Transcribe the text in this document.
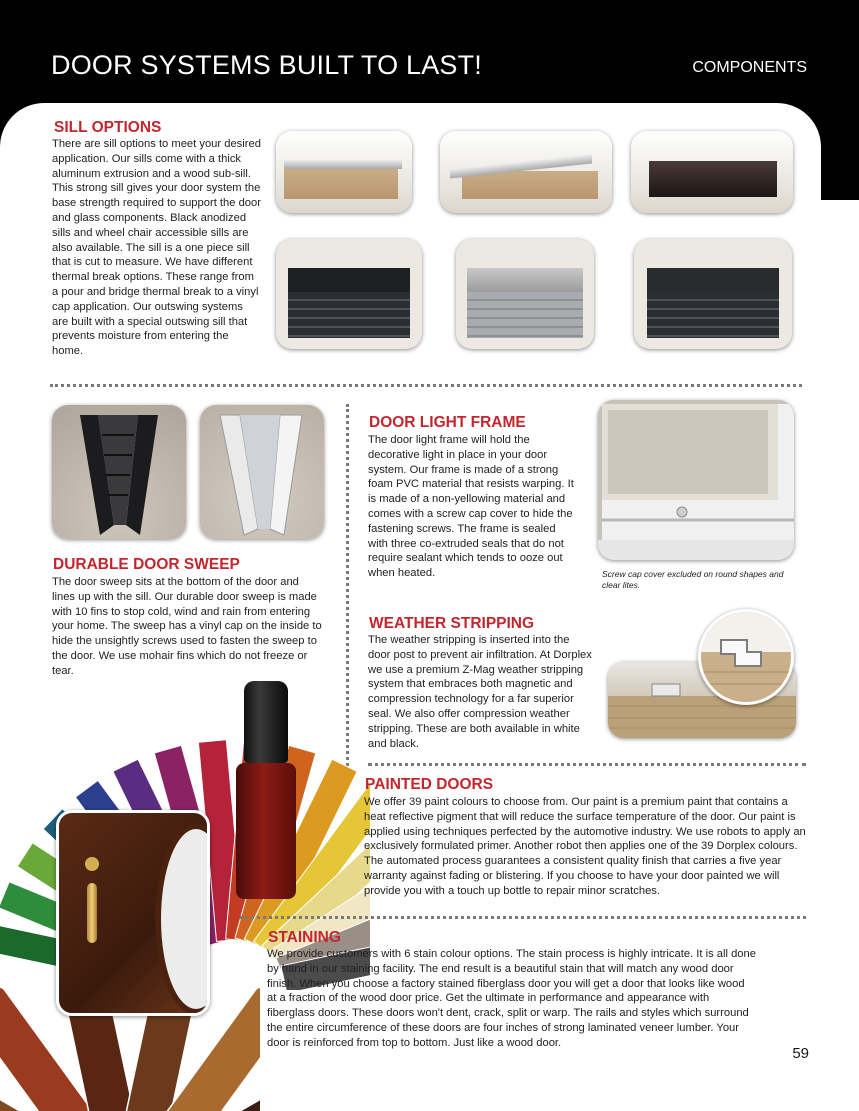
DOOR SYSTEMS BUILT TO LAST!	COMPONENTS
SILL OPTIONS
There are sill options to meet your desired application. Our sills come with a thick aluminum extrusion and a wood sub-sill. This strong sill gives your door system the base strength required to support the door and glass components. Black anodized sills and wheel chair accessible sills are also available. The sill is a one piece sill that is cut to measure. We have different thermal break options. These range from a pour and bridge thermal break to a vinyl cap application. Our outswing systems are built with a special outswing sill that prevents moisture from entering the home.
DURABLE DOOR SWEEP
The door sweep sits at the bottom of the door and lines up with the sill. Our durable door sweep is made with 10 fins to stop cold, wind and rain from entering your home. The sweep has a vinyl cap on the inside to hide the unsightly screws used to fasten the sweep to the door. We use mohair fins which do not freeze or tear.
DOOR LIGHT FRAME
The door light frame will hold the decorative light in place in your door system. Our frame is made of a strong foam PVC material that resists warping. It is made of a non-yellowing material and comes with a screw cap cover to hide the fastening screws. The frame is sealed with three co-extruded seals that do not require sealant which tends to ooze out when heated.	Screw cap cover excluded on round shapes and clear lites.
WEATHER STRIPPING
The weather stripping is inserted into the door post to prevent air infiltration. At Dorplex we use a premium Z-Mag weather stripping system that embraces both magnetic and compression technology for a far superior seal. We also offer compression weather stripping. These are both available in white and black.
PAINTED DOORS
We offer 39 paint colours to choose from. Our paint is a premium paint that contains a heat reflective pigment that will reduce the surface temperature of the door. Our paint is applied using techniques perfected by the automotive industry. We use robots to apply an exclusively formulated primer. Another robot then applies one of the 39 Dorplex colours. The automated process guarantees a consistent quality finish that carries a five year warranty against fading or blistering. If you choose to have your door painted we will provide you with a touch up bottle to repair minor scratches.
STAINING
We provide customers with 6 stain colour options. The stain process is highly intricate. It is all done by hand in our staining facility. The end result is a beautiful stain that will match any wood door finish. When you choose a factory stained fiberglass door you will get a door that looks like wood at a fraction of the wood door price. Get the ultimate in performance and appearance with fiberglass doors. These doors won't dent, crack, split or warp. The rails and styles which surround the entire circumference of these doors are four inches of strong laminated veneer lumber. Your door is reinforced from top to bottom. Just like a wood door.
59
